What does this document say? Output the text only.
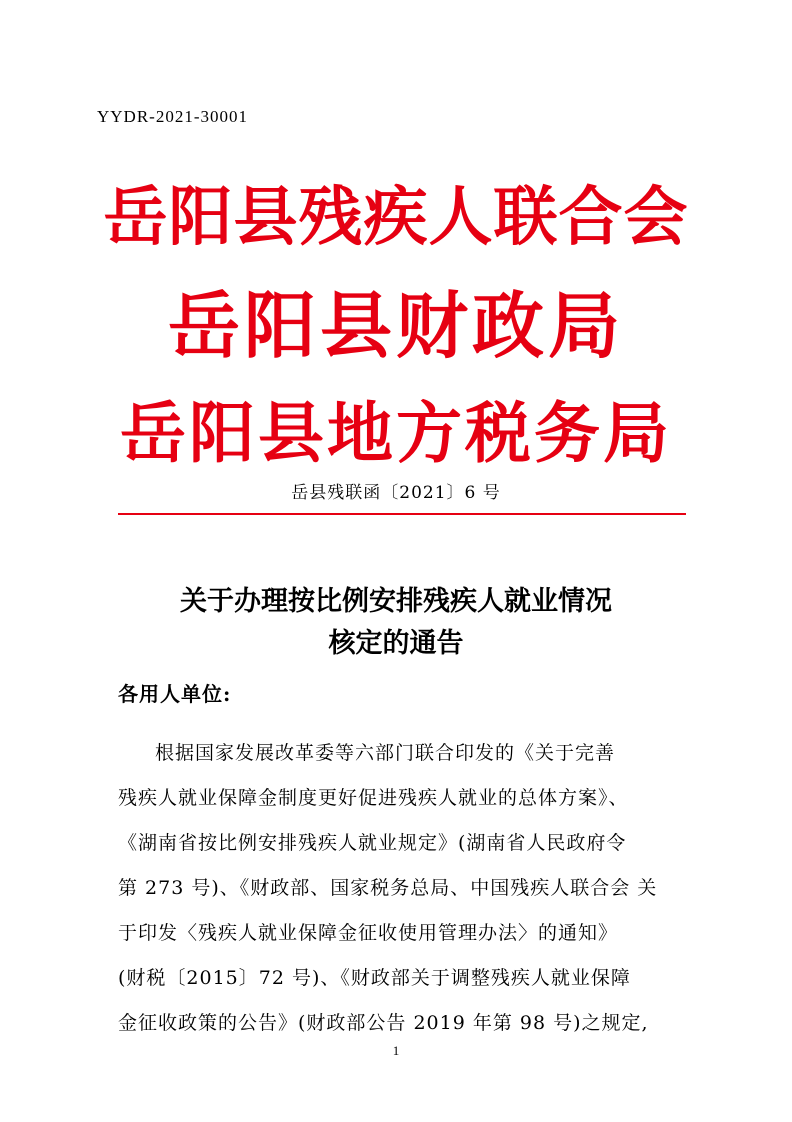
YYDR-2021-30001
岳阳县残疾人联合会
岳阳县财政局
岳阳县地方税务局
岳县残联函〔2021〕6 号
关于办理按比例安排残疾人就业情况
核定的通告
各用人单位:
根据国家发展改革委等六部门联合印发的《关于完善
残疾人就业保障金制度更好促进残疾人就业的总体方案》、
《湖南省按比例安排残疾人就业规定》(湖南省人民政府令
第 273 号)、《财政部、国家税务总局、中国残疾人联合会 关
于印发〈残疾人就业保障金征收使用管理办法〉的通知》
(财税〔2015〕72 号)、《财政部关于调整残疾人就业保障
金征收政策的公告》(财政部公告 2019 年第 98 号)之规定,
1
